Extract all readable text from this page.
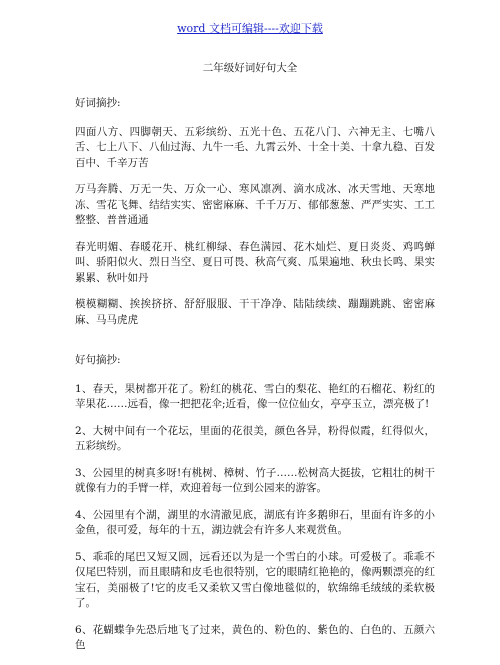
word 文档可编辑----欢迎下载
二年级好词好句大全
好词摘抄:
四面八方、四脚朝天、五彩缤纷、五光十色、五花八门、六神无主、七嘴八舌、七上八下、八仙过海、九牛一毛、九霄云外、十全十美、十拿九稳、百发百中、千辛万苦
万马奔腾、万无一失、万众一心、寒风凛冽、滴水成冰、冰天雪地、天寒地冻、雪花飞舞、结结实实、密密麻麻、千千万万、郁郁葱葱、严严实实、工工整整、普普通通
春光明媚、春暖花开、桃红柳绿、春色满园、花木灿烂、夏日炎炎、鸡鸣蝉叫、骄阳似火、烈日当空、夏日可畏、秋高气爽、瓜果遍地、秋虫长鸣、果实累累、秋叶如丹
模模糊糊、挨挨挤挤、舒舒服服、干干净净、陆陆续续、蹦蹦跳跳、密密麻麻、马马虎虎
好句摘抄:
1、春天，果树都开花了。粉红的桃花、雪白的梨花、艳红的石榴花、粉红的苹果花……远看，像一把把花伞;近看，像一位位仙女，亭亭玉立，漂亮极了!
2、大树中间有一个花坛，里面的花很美，颜色各异，粉得似霞，红得似火，五彩缤纷。
3、公园里的树真多呀!有桃树、樟树、竹子……松树高大挺拔，它粗壮的树干就像有力的手臂一样，欢迎着每一位到公园来的游客。
4、公园里有个湖，湖里的水清澈见底，湖底有许多鹅卵石，里面有许多的小金鱼，很可爱，每年的十五，湖边就会有许多人来观赏鱼。
5、乖乖的尾巴又短又圆，远看还以为是一个雪白的小球。可爱极了。乖乖不仅尾巴特别，而且眼睛和皮毛也很特别，它的眼睛红艳艳的，像两颗漂亮的红宝石，美丽极了!它的皮毛又柔软又雪白像地毯似的，软绵绵毛绒绒的柔软极了。
6、花蝴蝶争先恐后地飞了过来，黄色的、粉色的、紫色的、白色的、五颜六色
